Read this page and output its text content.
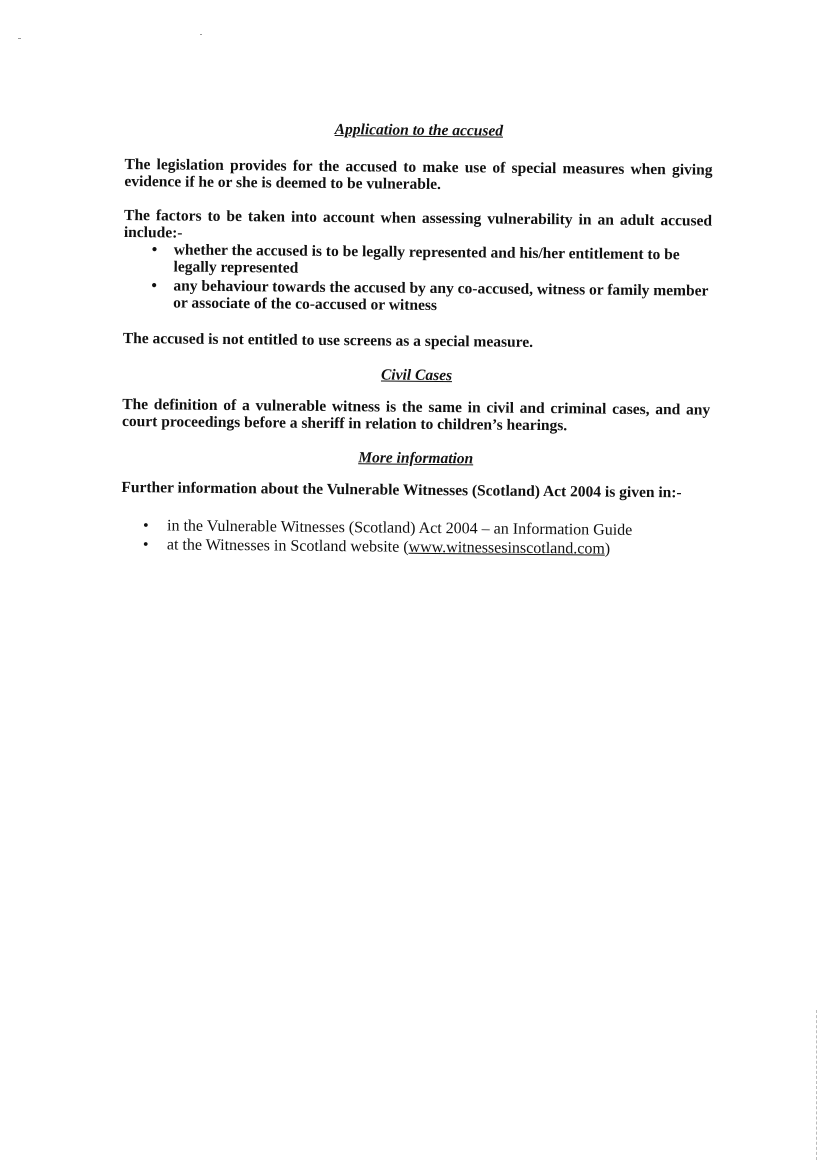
Application to the accused

The legislation provides for the accused to make use of special measures when giving evidence if he or she is deemed to be vulnerable.

The factors to be taken into account when assessing vulnerability in an adult accused include:-

• whether the accused is to be legally represented and his/her entitlement to be legally represented
• any behaviour towards the accused by any co-accused, witness or family member or associate of the co-accused or witness

The accused is not entitled to use screens as a special measure.

Civil Cases

The definition of a vulnerable witness is the same in civil and criminal cases, and any court proceedings before a sheriff in relation to children’s hearings.

More information

Further information about the Vulnerable Witnesses (Scotland) Act 2004 is given in:-

• in the Vulnerable Witnesses (Scotland) Act 2004 – an Information Guide
• at the Witnesses in Scotland website (www.witnessesinscotland.com)
